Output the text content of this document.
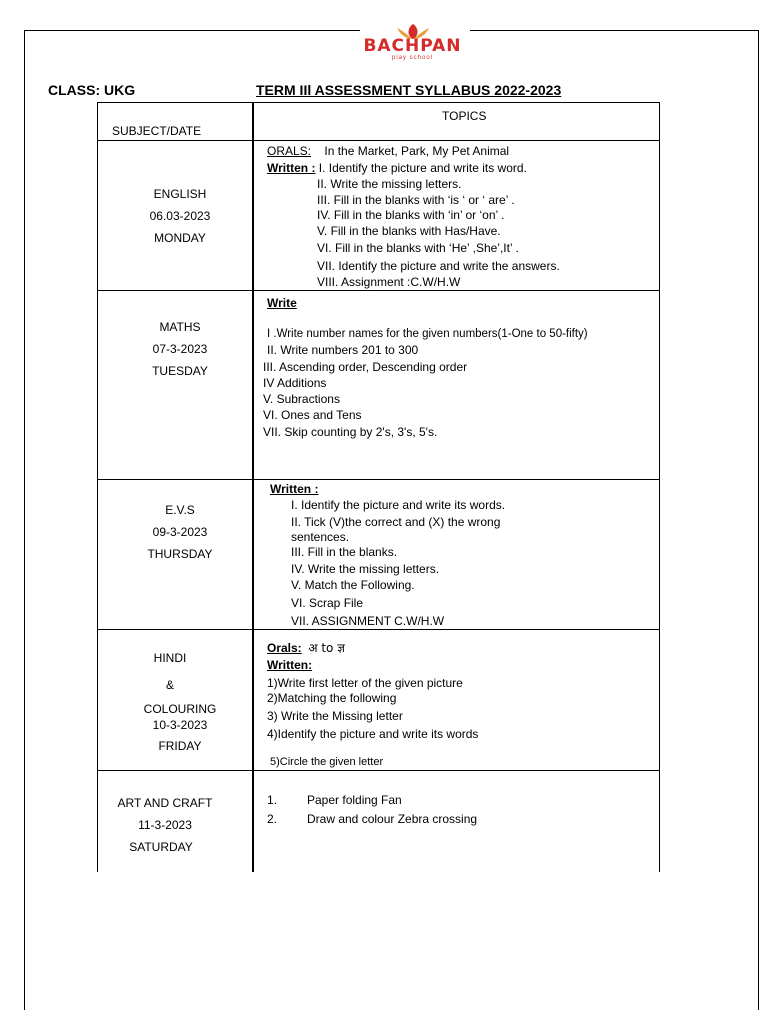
BACHPAN
play school
CLASS: UKG	TERM IIl ASSESSMENT SYLLABUS 2022-2023
SUBJECT/DATE
TOPICS
ENGLISH
06.03-2023
MONDAY
ORALS: In the Market, Park, My Pet Animal
Written : I. Identify the picture and write its word.
II. Write the missing letters.
III. Fill in the blanks with ‘is ‘ or ‘ are’ .
IV. Fill in the blanks with ‘in’ or ‘on’ .
V. Fill in the blanks with Has/Have.
VI. Fill in the blanks with ‘He’ ,She’,It’ .
VII. Identify the picture and write the answers.
VIII. Assignment :C.W/H.W
MATHS
07-3-2023
TUESDAY
Write
I .Write number names for the given numbers(1-One to 50-fifty)
II. Write numbers 201 to 300
III. Ascending order, Descending order
IV Additions
V. Subractions
VI. Ones and Tens
VII. Skip counting by 2's, 3's, 5's.
E.V.S
09-3-2023
THURSDAY
Written :
I. Identify the picture and write its words.
II. Tick (V)the correct and (X) the wrong
sentences.
III. Fill in the blanks.
IV. Write the missing letters.
V. Match the Following.
VI. Scrap File
VII. ASSIGNMENT C.W/H.W
HINDI
&
COLOURING
10-3-2023
FRIDAY
Orals: अ to ज्ञ
Written:
1)Write first letter of the given picture
2)Matching the following
3) Write the Missing letter
4)Identify the picture and write its words
5)Circle the given letter
ART AND CRAFT
11-3-2023
SATURDAY
1. Paper folding Fan
2. Draw and colour Zebra crossing
